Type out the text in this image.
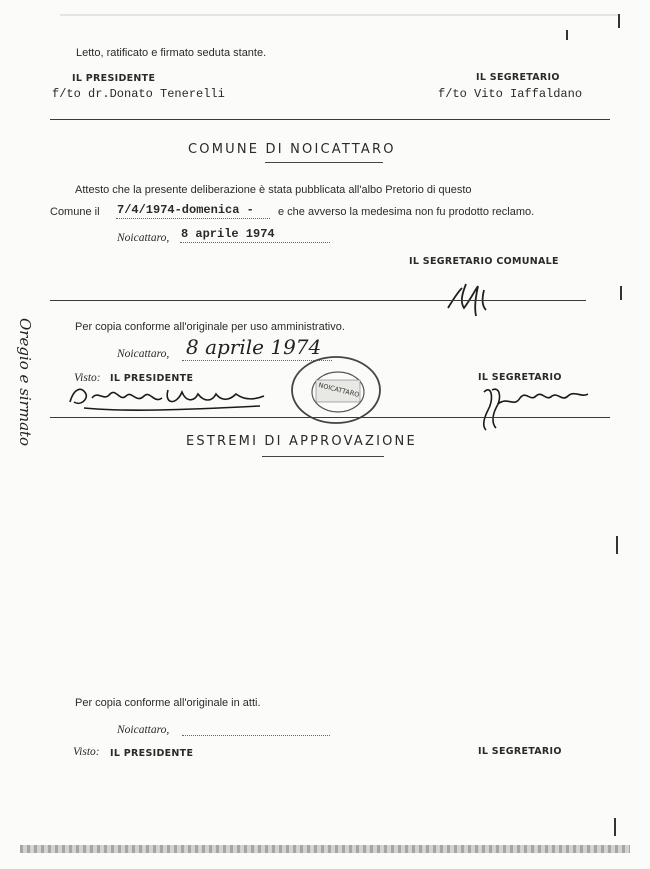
Letto, ratificato e firmato seduta stante.
IL PRESIDENTE
f/to dr.Donato Tenerelli
IL SEGRETARIO
f/to Vito Iaffaldano
COMUNE DI NOICATTARO
Attesto che la presente deliberazione è stata pubblicata all'albo Pretorio di questo
Comune il 7/4/1974-domenica - e che avverso la medesima non fu prodotto reclamo.
Noicattaro, 8 aprile 1974
IL SEGRETARIO COMUNALE
Per copia conforme all'originale per uso amministrativo.
Noicattaro, 8 aprile 1974
Visto: IL PRESIDENTE	IL SEGRETARIO
NOICATTARO
ESTREMI DI APPROVAZIONE
Per copia conforme all'originale in atti.
Noicattaro,
Visto: IL PRESIDENTE	IL SEGRETARIO
Oregio e sirmato
